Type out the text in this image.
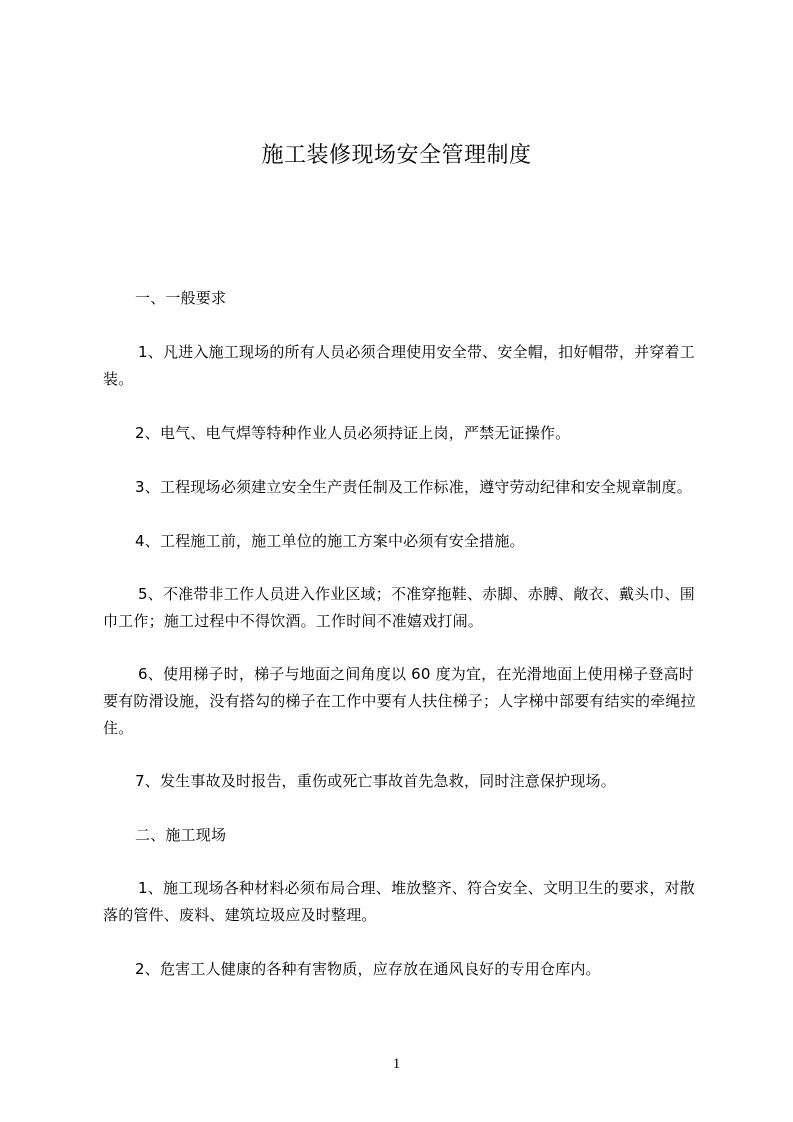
施工装修现场安全管理制度
一、一般要求
1、凡进入施工现场的所有人员必须合理使用安全带、安全帽，扣好帽带，并穿着工装。
2、电气、电气焊等特种作业人员必须持证上岗，严禁无证操作。
3、工程现场必须建立安全生产责任制及工作标准，遵守劳动纪律和安全规章制度。
4、工程施工前，施工单位的施工方案中必须有安全措施。
5、不准带非工作人员进入作业区域；不准穿拖鞋、赤脚、赤膊、敞衣、戴头巾、围巾工作；施工过程中不得饮酒。工作时间不准嬉戏打闹。
6、使用梯子时，梯子与地面之间角度以 60 度为宜，在光滑地面上使用梯子登高时要有防滑设施，没有搭勾的梯子在工作中要有人扶住梯子；人字梯中部要有结实的牵绳拉住。
7、发生事故及时报告，重伤或死亡事故首先急救，同时注意保护现场。
二、施工现场
1、施工现场各种材料必须布局合理、堆放整齐、符合安全、文明卫生的要求，对散落的管件、废料、建筑垃圾应及时整理。
2、危害工人健康的各种有害物质，应存放在通风良好的专用仓库内。
1
